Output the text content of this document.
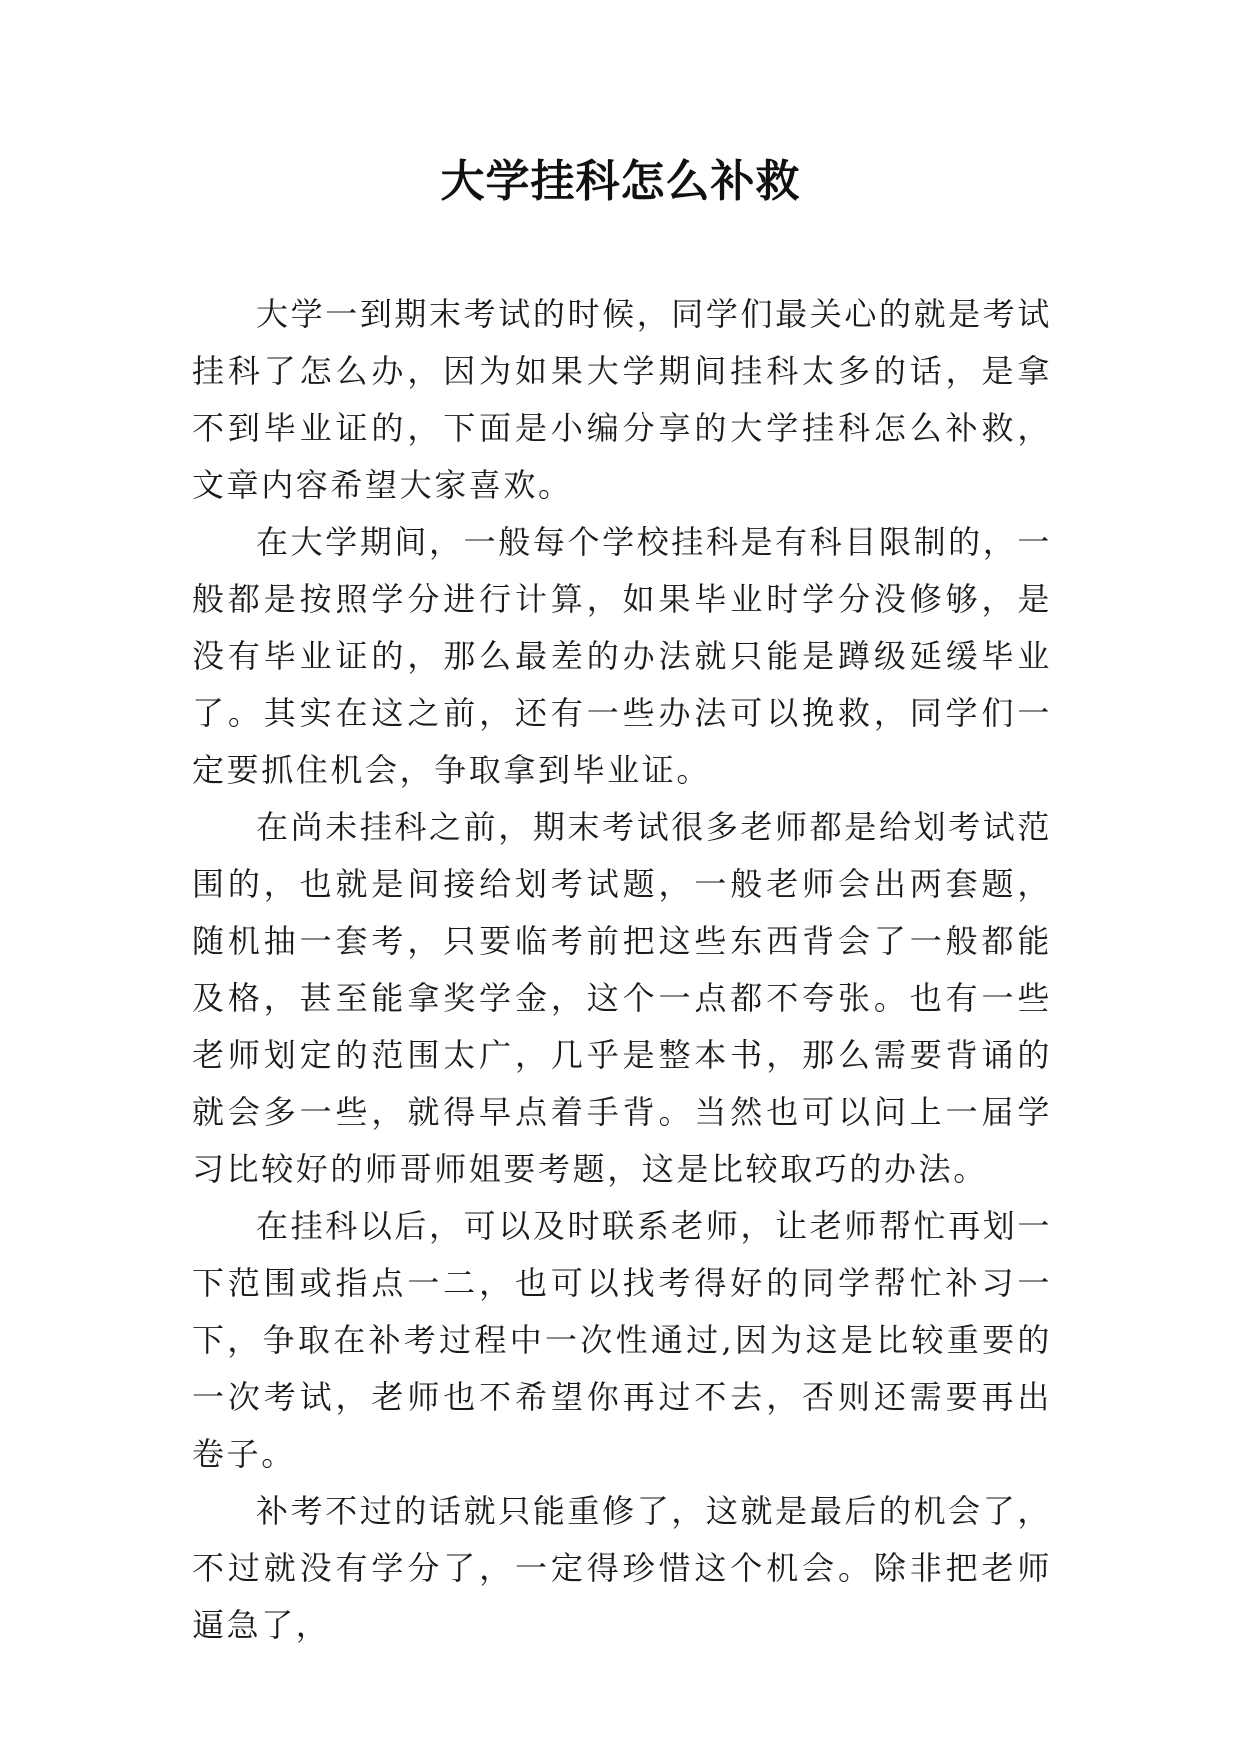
大学挂科怎么补救

大学一到期末考试的时候，同学们最关心的就是考试挂科了怎么办，因为如果大学期间挂科太多的话，是拿不到毕业证的，下面是小编分享的大学挂科怎么补救，文章内容希望大家喜欢。

在大学期间，一般每个学校挂科是有科目限制的，一般都是按照学分进行计算，如果毕业时学分没修够，是没有毕业证的，那么最差的办法就只能是蹲级延缓毕业了。其实在这之前，还有一些办法可以挽救，同学们一定要抓住机会，争取拿到毕业证。

在尚未挂科之前，期末考试很多老师都是给划考试范围的，也就是间接给划考试题，一般老师会出两套题，随机抽一套考，只要临考前把这些东西背会了一般都能及格，甚至能拿奖学金，这个一点都不夸张。也有一些老师划定的范围太广，几乎是整本书，那么需要背诵的就会多一些，就得早点着手背。当然也可以问上一届学习比较好的师哥师姐要考题，这是比较取巧的办法。

在挂科以后，可以及时联系老师，让老师帮忙再划一下范围或指点一二，也可以找考得好的同学帮忙补习一下，争取在补考过程中一次性通过,因为这是比较重要的一次考试，老师也不希望你再过不去，否则还需要再出卷子。

补考不过的话就只能重修了，这就是最后的机会了，不过就没有学分了，一定得珍惜这个机会。除非把老师逼急了，
